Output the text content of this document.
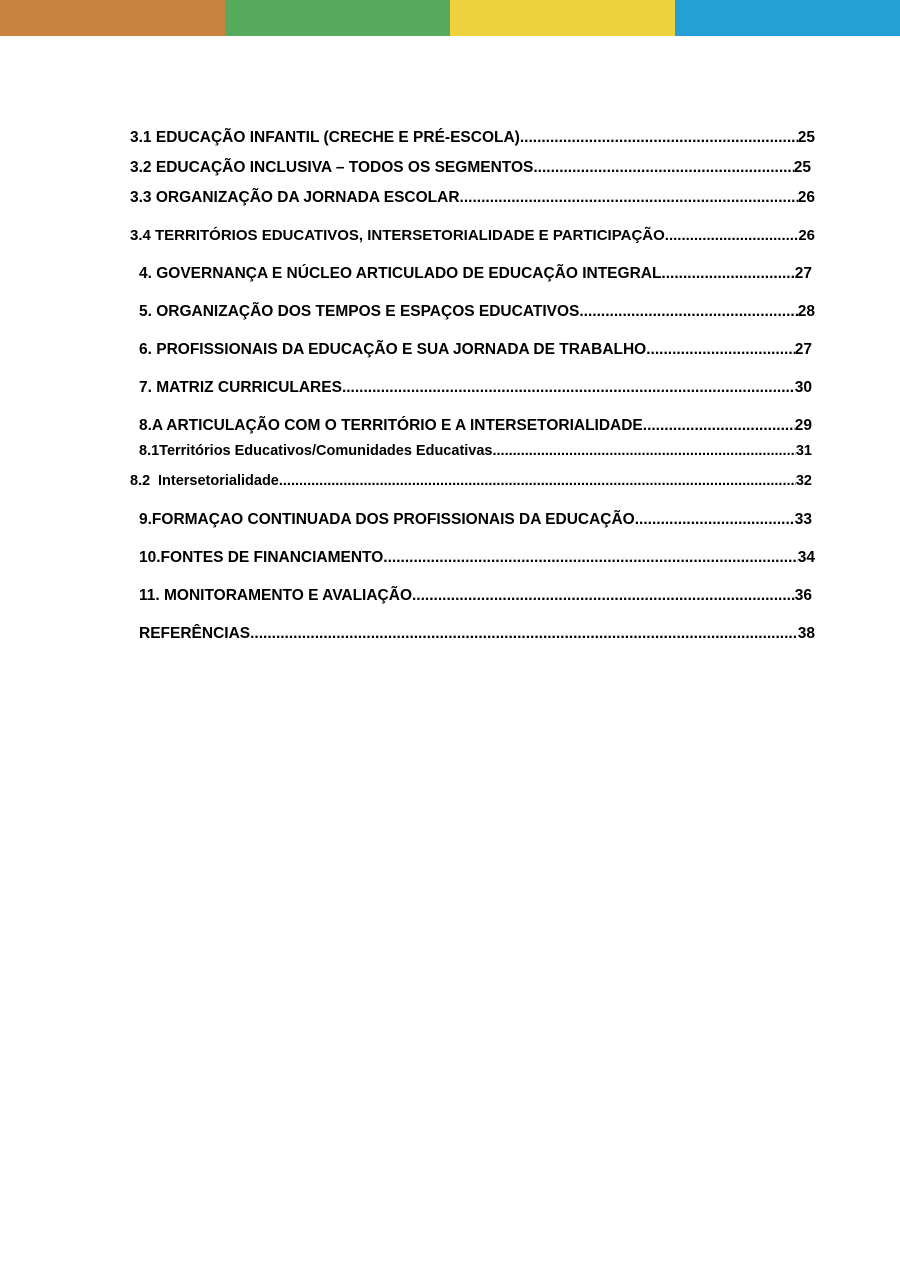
3.1 EDUCAÇÃO INFANTIL (CRECHE E PRÉ-ESCOLA) .....	25
3.2 EDUCAÇÃO INCLUSIVA – TODOS OS SEGMENTOS .....	25
3.3 ORGANIZAÇÃO DA JORNADA ESCOLAR .....	26
3.4 TERRITÓRIOS EDUCATIVOS, INTERSETORIALIDADE E PARTICIPAÇÃO .....	26
4. GOVERNANÇA E NÚCLEO ARTICULADO DE EDUCAÇÃO INTEGRAL .....	27
5. ORGANIZAÇÃO DOS TEMPOS E ESPAÇOS EDUCATIVOS .....	28
6. PROFISSIONAIS DA EDUCAÇÃO E SUA JORNADA DE TRABALHO .....	27
7. MATRIZ CURRICULARES .....	30
8.A ARTICULAÇÃO COM O TERRITÓRIO E A INTERSETORIALIDADE .....	29
8.1Territórios Educativos/Comunidades Educativas .....	31
8.2 Intersetorialidade .....	32
9.FORMAÇAO CONTINUADA DOS PROFISSIONAIS DA EDUCAÇÃO .....	33
10.FONTES DE FINANCIAMENTO .....	34
11. MONITORAMENTO E AVALIAÇÃO .....	36
REFERÊNCIAS .....	38
